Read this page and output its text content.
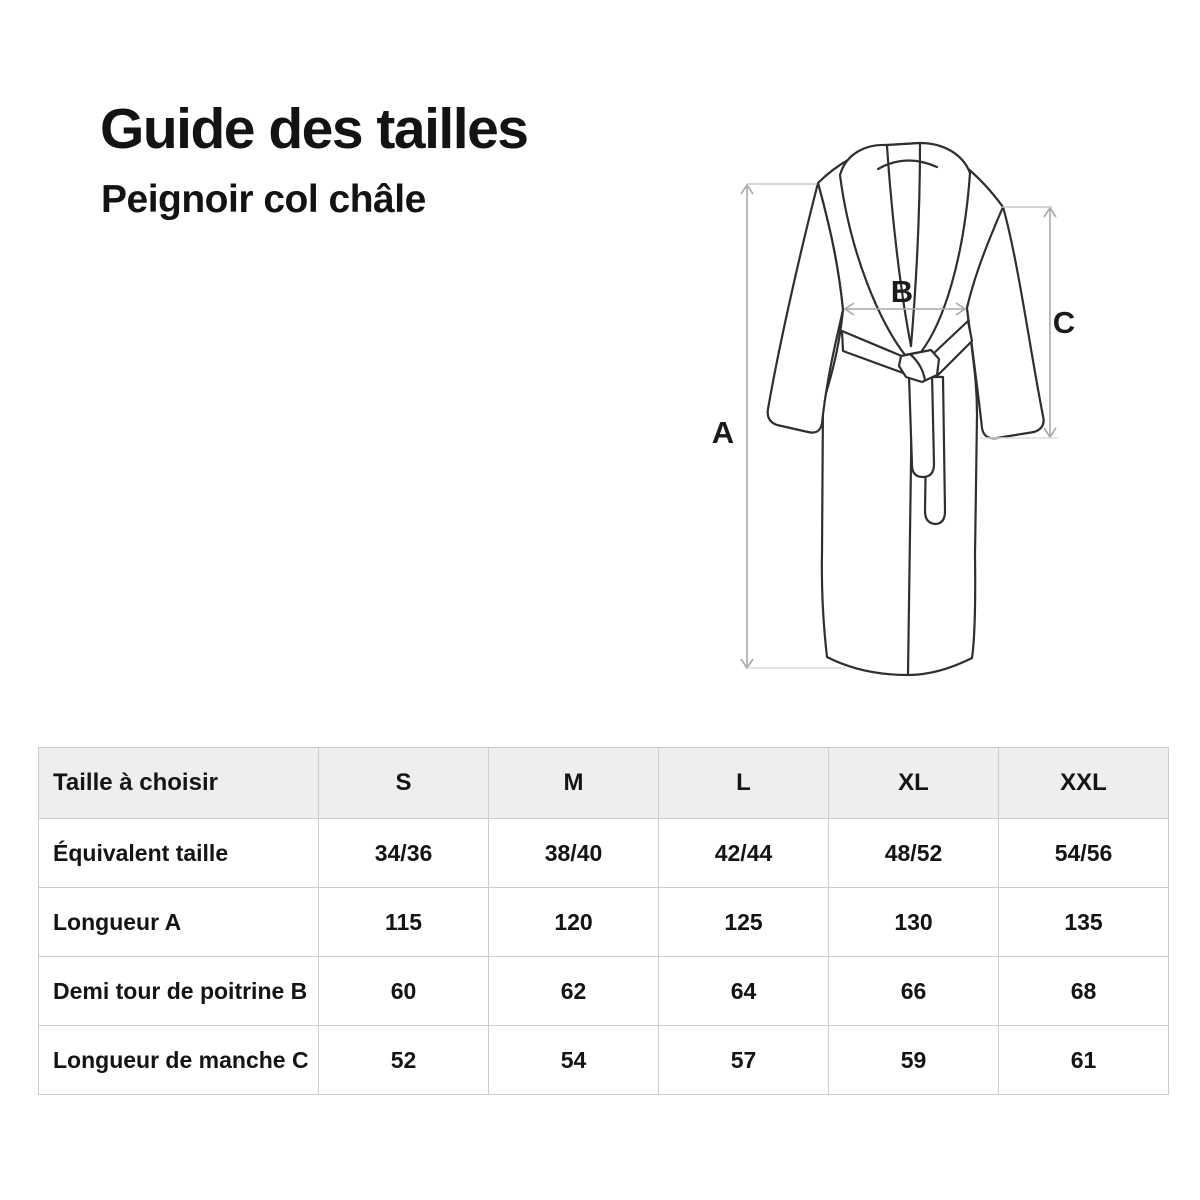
Guide des tailles
Peignoir col châle
A
B
C
Taille à choisir	S	M	L	XL	XXL
Équivalent taille	34/36	38/40	42/44	48/52	54/56
Longueur A	115	120	125	130	135
Demi tour de poitrine B	60	62	64	66	68
Longueur de manche C	52	54	57	59	61
